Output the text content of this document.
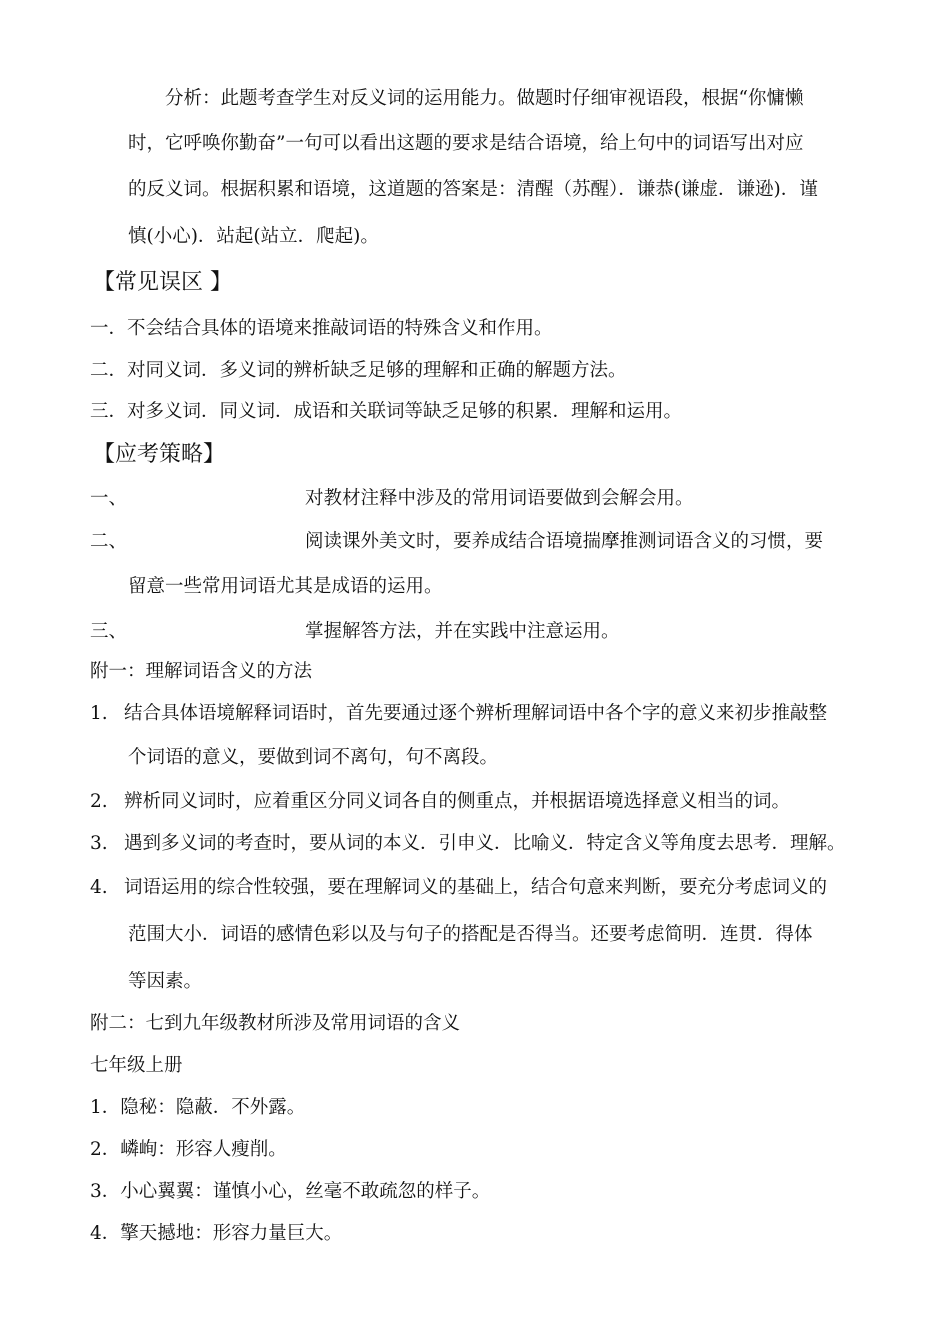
分析：此题考查学生对反义词的运用能力。做题时仔细审视语段，根据“你慵懒
时，它呼唤你勤奋”一句可以看出这题的要求是结合语境，给上句中的词语写出对应
的反义词。根据积累和语境，这道题的答案是：清醒（苏醒）．谦恭(谦虚．谦逊)．谨
慎(小心)．站起(站立．爬起)。
【常见误区 】
一．不会结合具体的语境来推敲词语的特殊含义和作用。
二．对同义词．多义词的辨析缺乏足够的理解和正确的解题方法。
三．对多义词．同义词．成语和关联词等缺乏足够的积累．理解和运用。
【应考策略】
一、	对教材注释中涉及的常用词语要做到会解会用。
二、	阅读课外美文时，要养成结合语境揣摩推测词语含义的习惯，要
留意一些常用词语尤其是成语的运用。
三、	掌握解答方法，并在实践中注意运用。
附一：理解词语含义的方法
1. 结合具体语境解释词语时，首先要通过逐个辨析理解词语中各个字的意义来初步推敲整
个词语的意义，要做到词不离句，句不离段。
2. 辨析同义词时，应着重区分同义词各自的侧重点，并根据语境选择意义相当的词。
3. 遇到多义词的考查时，要从词的本义．引申义．比喻义．特定含义等角度去思考．理解。
4. 词语运用的综合性较强，要在理解词义的基础上，结合句意来判断，要充分考虑词义的
范围大小．词语的感情色彩以及与句子的搭配是否得当。还要考虑简明．连贯．得体
等因素。
附二：七到九年级教材所涉及常用词语的含义
七年级上册
1．隐秘：隐蔽．不外露。
2．嶙峋：形容人瘦削。
3．小心翼翼：谨慎小心，丝毫不敢疏忽的样子。
4．擎天撼地：形容力量巨大。
